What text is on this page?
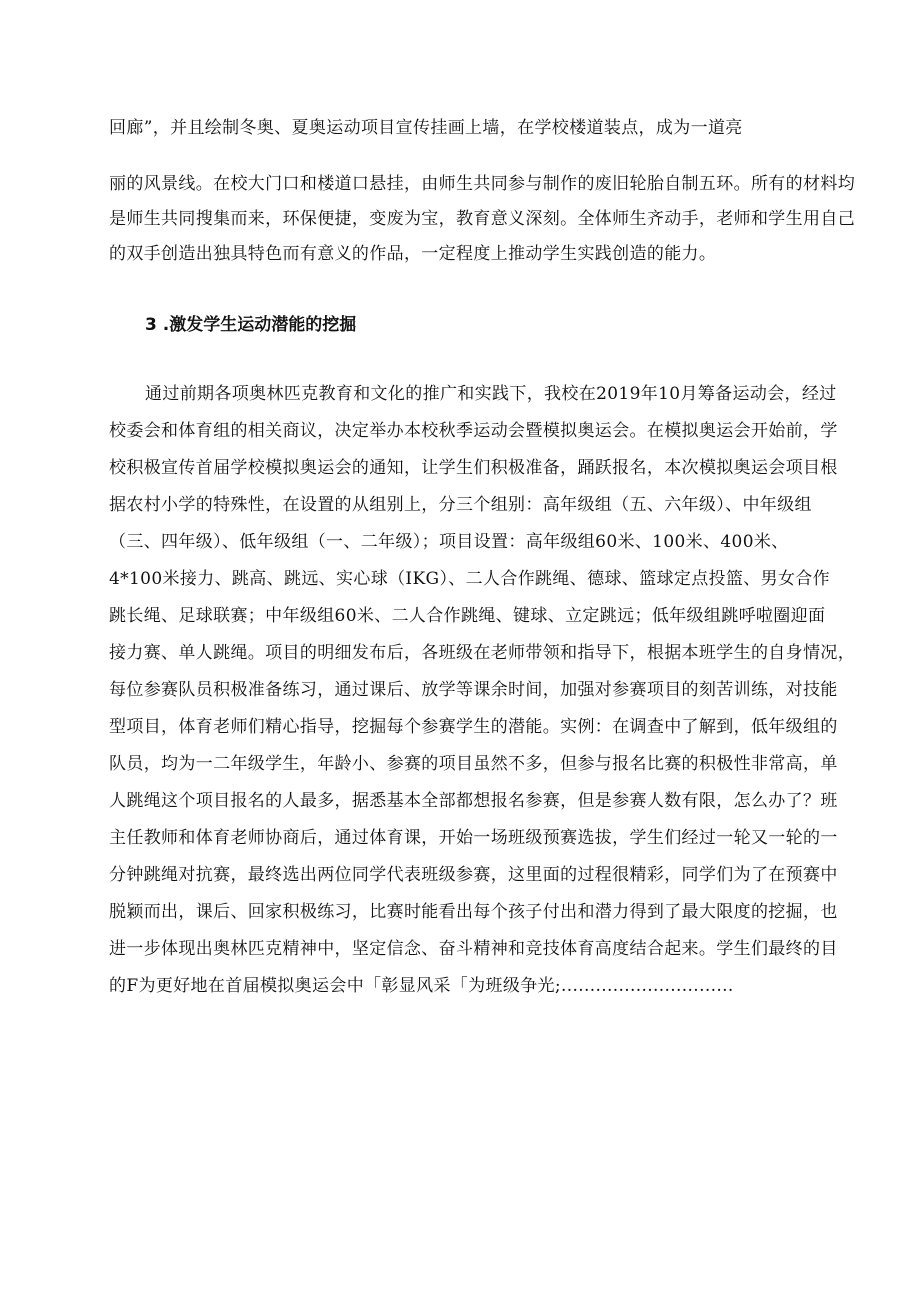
回廊”，并且绘制冬奥、夏奥运动项目宣传挂画上墙，在学校楼道装点，成为一道亮
丽的风景线。在校大门口和楼道口悬挂，由师生共同参与制作的废旧轮胎自制五环。所有的材料均
是师生共同搜集而来，环保便捷，变废为宝，教育意义深刻。全体师生齐动手，老师和学生用自己
的双手创造出独具特色而有意义的作品，一定程度上推动学生实践创造的能力。
3 .激发学生运动潜能的挖掘
通过前期各项奥林匹克教育和文化的推广和实践下，我校在2019年10月筹备运动会，经过
校委会和体育组的相关商议，决定举办本校秋季运动会暨模拟奥运会。在模拟奥运会开始前，学
校积极宣传首届学校模拟奥运会的通知，让学生们积极准备，踊跃报名，本次模拟奥运会项目根
据农村小学的特殊性，在设置的从组别上，分三个组别：高年级组（五、六年级）、中年级组
（三、四年级）、低年级组（一、二年级）；项目设置：高年级组60米、100米、400米、
4*100米接力、跳高、跳远、实心球（IKG）、二人合作跳绳、德球、篮球定点投篮、男女合作
跳长绳、足球联赛；中年级组60米、二人合作跳绳、键球、立定跳远；低年级组跳呼啦圈迎面
接力赛、单人跳绳。项目的明细发布后，各班级在老师带领和指导下，根据本班学生的自身情况，
每位参赛队员积极准备练习，通过课后、放学等课余时间，加强对参赛项目的刻苦训练，对技能
型项目，体育老师们精心指导，挖掘每个参赛学生的潜能。实例：在调查中了解到，低年级组的
队员，均为一二年级学生，年龄小、参赛的项目虽然不多，但参与报名比赛的积极性非常高，单
人跳绳这个项目报名的人最多，据悉基本全部都想报名参赛，但是参赛人数有限，怎么办了？班
主任教师和体育老师协商后，通过体育课，开始一场班级预赛选拔，学生们经过一轮又一轮的一
分钟跳绳对抗赛，最终选出两位同学代表班级参赛，这里面的过程很精彩，同学们为了在预赛中
脱颖而出，课后、回家积极练习，比赛时能看出每个孩子付出和潜力得到了最大限度的挖掘，也
进一步体现出奥林匹克精神中，坚定信念、奋斗精神和竞技体育高度结合起来。学生们最终的目
的F为更好地在首届模拟奥运会中「彰显风采「为班级争光;..............................
